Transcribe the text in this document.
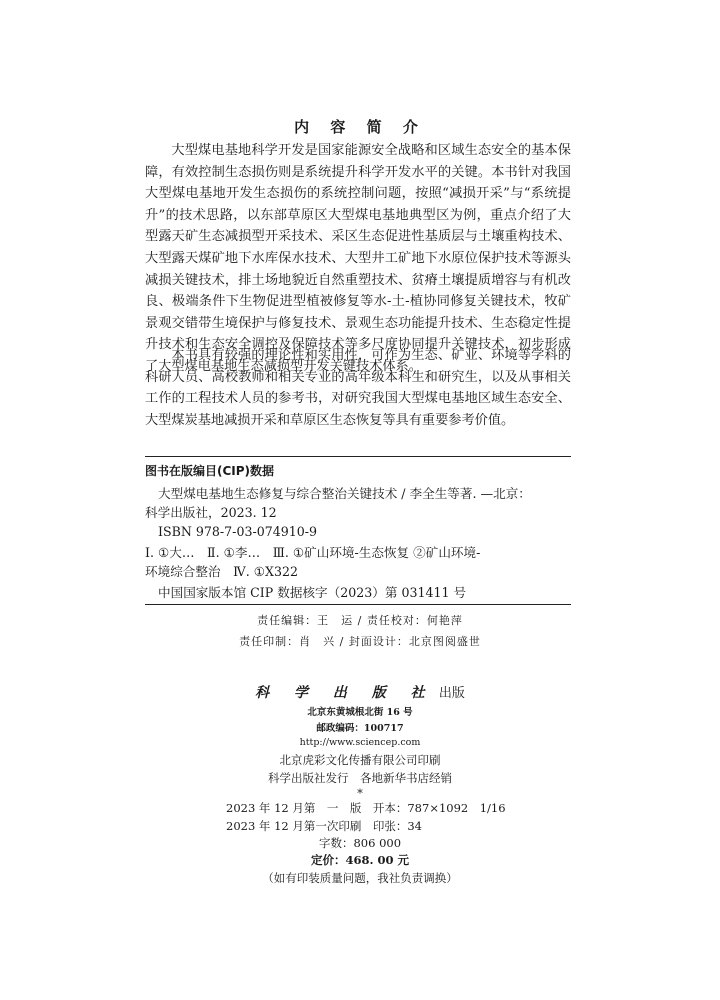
内 容 简 介

大型煤电基地科学开发是国家能源安全战略和区域生态安全的基本保障，有效控制生态损伤则是系统提升科学开发水平的关键。本书针对我国大型煤电基地开发生态损伤的系统控制问题，按照“减损开采”与“系统提升”的技术思路，以东部草原区大型煤电基地典型区为例，重点介绍了大型露天矿生态减损型开采技术、采区生态促进性基质层与土壤重构技术、大型露天煤矿地下水库保水技术、大型井工矿地下水原位保护技术等源头减损关键技术，排土场地貌近自然重塑技术、贫瘠土壤提质增容与有机改良、极端条件下生物促进型植被修复等水-土-植协同修复关键技术，牧矿景观交错带生境保护与修复技术、景观生态功能提升技术、生态稳定性提升技术和生态安全调控及保障技术等多尺度协同提升关键技术，初步形成了大型煤电基地生态减损型开发关键技术体系。

本书具有较强的理论性和实用性，可作为生态、矿业、环境等学科的科研人员、高校教师和相关专业的高年级本科生和研究生，以及从事相关工作的工程技术人员的参考书，对研究我国大型煤电基地区域生态安全、大型煤炭基地减损开采和草原区生态恢复等具有重要参考价值。

图书在版编目(CIP)数据
大型煤电基地生态修复与综合整治关键技术 / 李全生等著. —北京：
科学出版社，2023. 12
ISBN 978-7-03-074910-9
Ⅰ. ①大…　Ⅱ. ①李…　Ⅲ. ①矿山环境-生态恢复 ②矿山环境-
环境综合整治　Ⅳ. ①X322
中国国家版本馆 CIP 数据核字（2023）第 031411 号
责任编辑：王　运 / 责任校对：何艳萍
责任印制：肖　兴 / 封面设计：北京图阅盛世
科 学 出 版 社 出版
北京东黄城根北街 16 号
邮政编码：100717
http://www.sciencep.com
北京虎彩文化传播有限公司印刷
科学出版社发行　各地新华书店经销
*
2023 年 12 月第　一　版　开本：787×1092　1/16
2023 年 12 月第一次印刷　印张：34
字数：806 000
定价：468. 00 元
（如有印装质量问题，我社负责调换）
